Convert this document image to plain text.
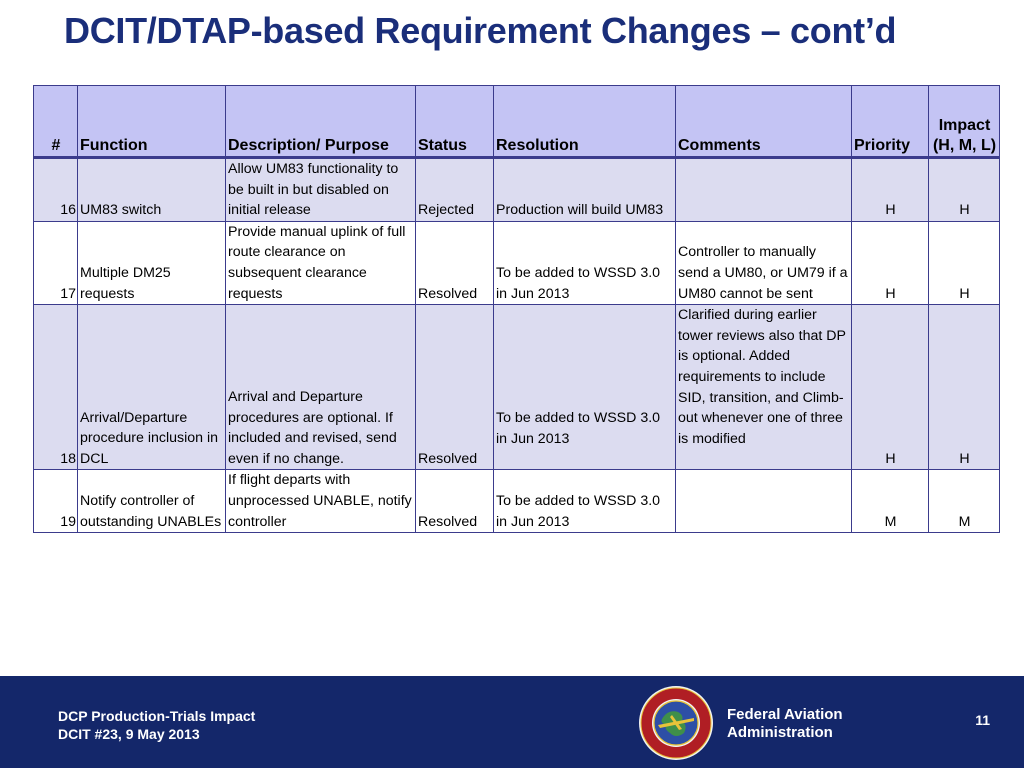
DCIT/DTAP-based Requirement Changes – cont’d
#	Function	Description/ Purpose	Status	Resolution	Comments	Priority	Impact (H, M, L)
16	UM83 switch	Allow UM83 functionality to be built in but disabled on initial release	Rejected	Production will build UM83		H	H
17	Multiple DM25 requests	Provide manual uplink of full route clearance on subsequent clearance requests	Resolved	To be added to WSSD 3.0 in Jun 2013	Controller to manually send a UM80, or UM79 if a UM80 cannot be sent	H	H
18	Arrival/Departure procedure inclusion in DCL	Arrival and Departure procedures are optional. If included and revised, send even if no change.	Resolved	To be added to WSSD 3.0 in Jun 2013	Clarified during earlier tower reviews also that DP is optional. Added requirements to include SID, transition, and Climb-out whenever one of three is modified	H	H
19	Notify controller of outstanding UNABLEs	If flight departs with unprocessed UNABLE, notify controller	Resolved	To be added to WSSD 3.0 in Jun 2013		M	M
DCP Production-Trials Impact
DCIT #23, 9 May 2013
Federal Aviation
Administration
11
